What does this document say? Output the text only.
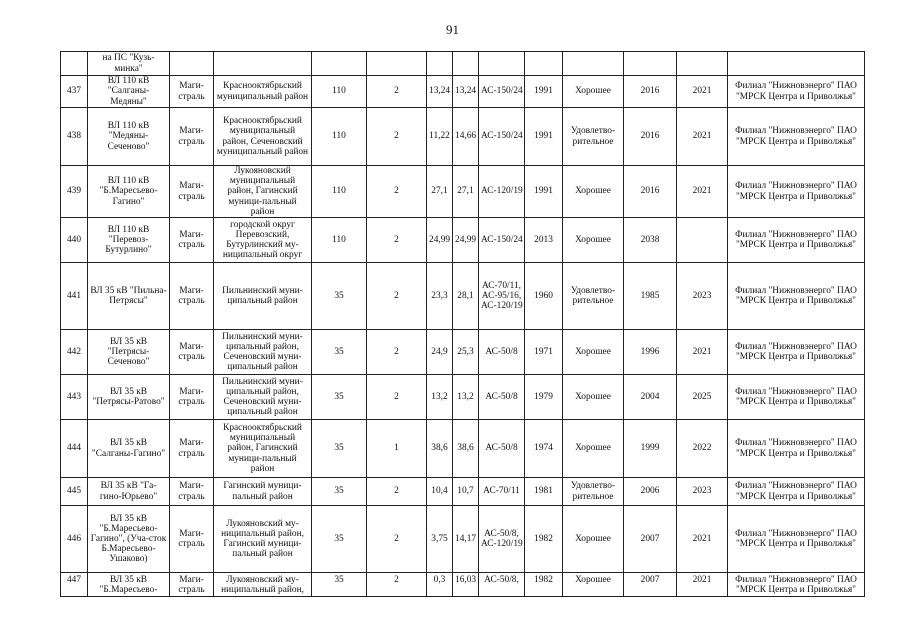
91
	на ПС "Кузь-минка"												
437	ВЛ 110 кВ "Салганы-Медяны"	Маги-страль	Краснооктябрьский муниципальный район	110	2	13,24	13,24	АС-150/24	1991	Хорошее	2016	2021	Филиал "Нижновэнерго" ПАО "МРСК Центра и Приволжья"
438	ВЛ 110 кВ "Медяны-Сеченово"	Маги-страль	Краснооктябрьский муниципальный район, Сеченовский муниципальный район	110	2	11,22	14,66	АС-150/24	1991	Удовлетво-рительное	2016	2021	Филиал "Нижновэнерго" ПАО "МРСК Центра и Приволжья"
439	ВЛ 110 кВ "Б.Маресьево-Гагино"	Маги-страль	Лукояновский муниципальный район, Гагинский муници-пальный район	110	2	27,1	27,1	АС-120/19	1991	Хорошее	2016	2021	Филиал "Нижновэнерго" ПАО "МРСК Центра и Приволжья"
440	ВЛ 110 кВ "Перевоз-Бутурлино"	Маги-страль	городской округ Перевозский, Бутурлинский му-ниципальный округ	110	2	24,99	24,99	АС-150/24	2013	Хорошее	2038		Филиал "Нижновэнерго" ПАО "МРСК Центра и Приволжья"
441	ВЛ 35 кВ "Пильна-Петрясы"	Маги-страль	Пильнинский муни-ципальный район	35	2	23,3	28,1	АС-70/11, АС-95/16, АС-120/19	1960	Удовлетво-рительное	1985	2023	Филиал "Нижновэнерго" ПАО "МРСК Центра и Приволжья"
442	ВЛ 35 кВ "Петрясы-Сеченово"	Маги-страль	Пильнинский муни-ципальный район, Сеченовский муни-ципальный район	35	2	24,9	25,3	АС-50/8	1971	Хорошее	1996	2021	Филиал "Нижновэнерго" ПАО "МРСК Центра и Приволжья"
443	ВЛ 35 кВ "Петрясы-Ратово"	Маги-страль	Пильнинский муни-ципальный район, Сеченовский муни-ципальный район	35	2	13,2	13,2	АС-50/8	1979	Хорошее	2004	2025	Филиал "Нижновэнерго" ПАО "МРСК Центра и Приволжья"
444	ВЛ 35 кВ "Салганы-Гагино"	Маги-страль	Краснооктябрьский муниципальный район, Гагинский муници-пальный район	35	1	38,6	38,6	АС-50/8	1974	Хорошее	1999	2022	Филиал "Нижновэнерго" ПАО "МРСК Центра и Приволжья"
445	ВЛ 35 кВ "Га-гино-Юрьево"	Маги-страль	Гагинский муници-пальный район	35	2	10,4	10,7	АС-70/11	1981	Удовлетво-рительное	2006	2023	Филиал "Нижновэнерго" ПАО "МРСК Центра и Приволжья"
446	ВЛ 35 кВ "Б.Маресьево-Гагино", (Уча-сток Б.Маресьево-Ушаково)	Маги-страль	Лукояновский му-ниципальный район, Гагинский муници-пальный район	35	2	3,75	14,17	АС-50/8, АС-120/19	1982	Хорошее	2007	2021	Филиал "Нижновэнерго" ПАО "МРСК Центра и Приволжья"
447	ВЛ 35 кВ "Б.Маресьево-	Маги-страль	Лукояновский му-ниципальный район,	35	2	0,3	16,03	АС-50/8,	1982	Хорошее	2007	2021	Филиал "Нижновэнерго" ПАО "МРСК Центра и Приволжья"
